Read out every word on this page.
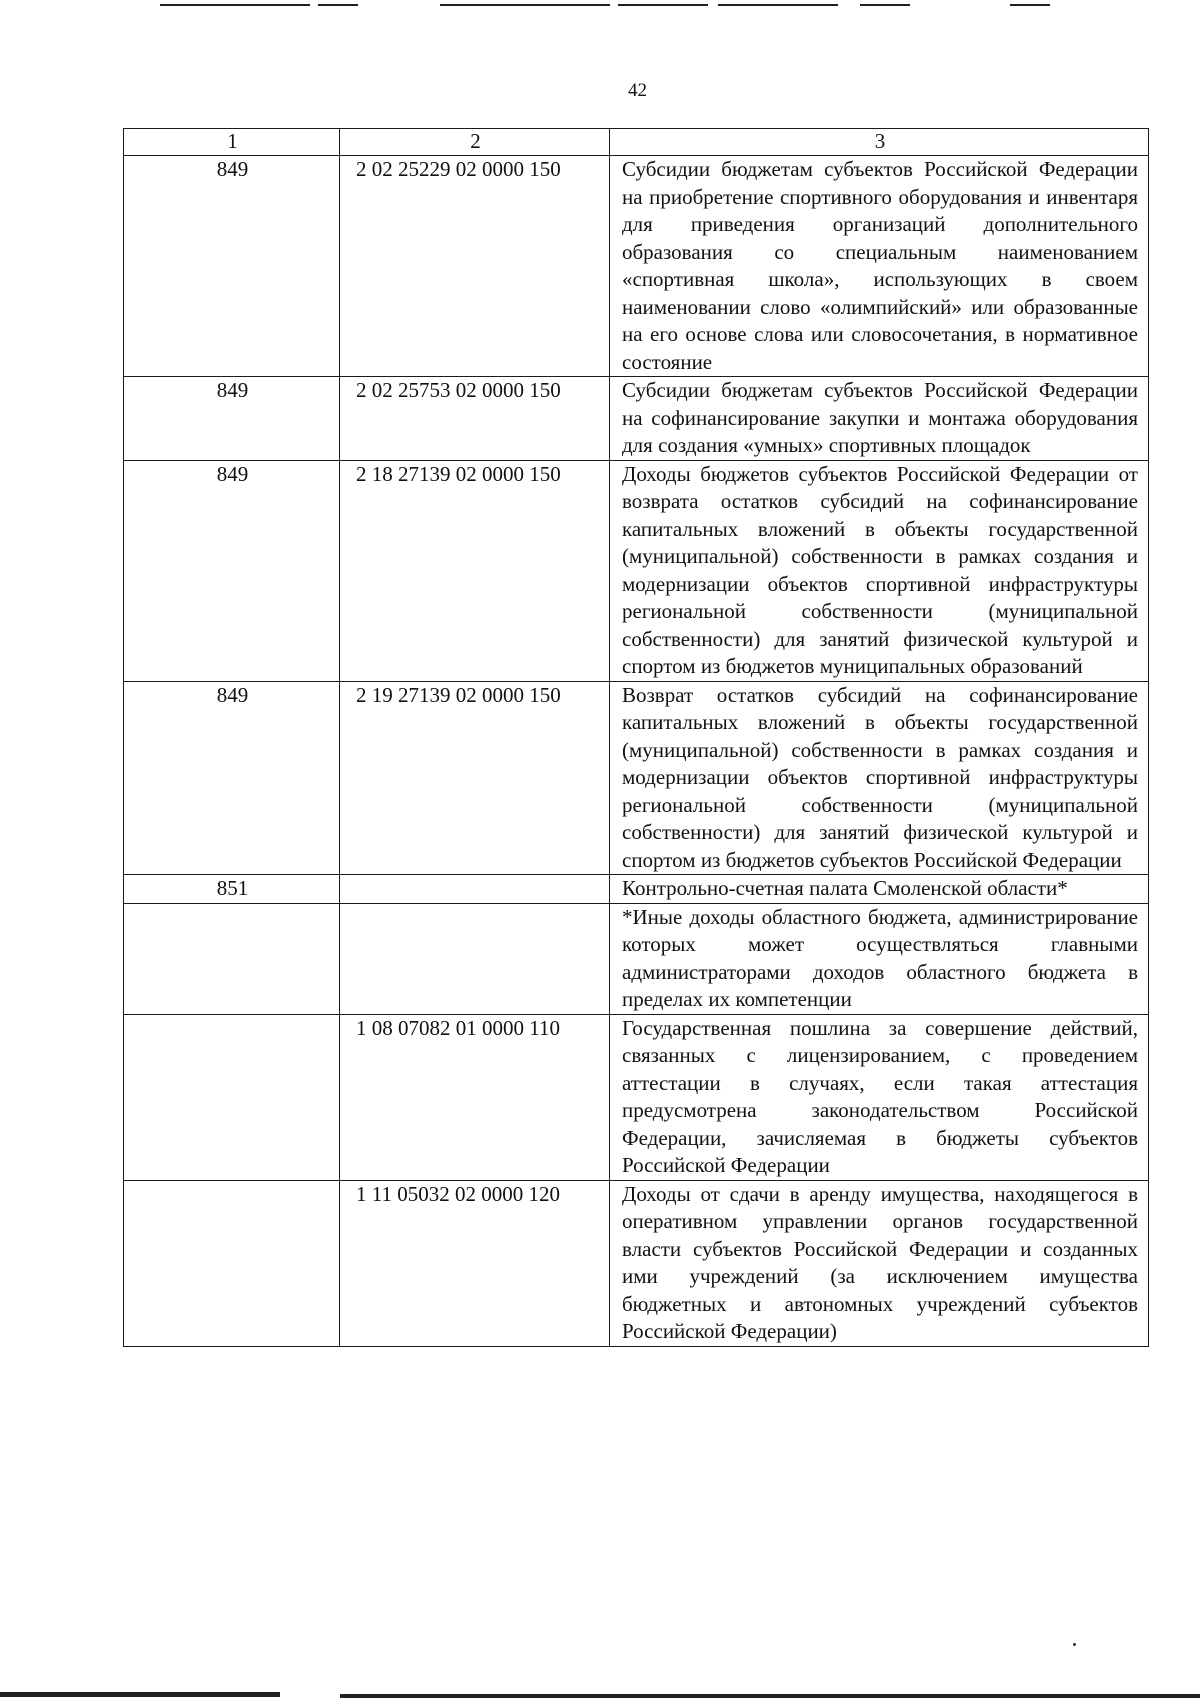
42
1	2	3
849	2 02 25229 02 0000 150	Субсидии бюджетам субъектов Российской Федерации на приобретение спортивного оборудования и инвентаря для приведения организаций дополнительного образования со специальным наименованием «спортивная школа», использующих в своем наименовании слово «олимпийский» или образованные на его основе слова или словосочетания, в нормативное состояние
849	2 02 25753 02 0000 150	Субсидии бюджетам субъектов Российской Федерации на софинансирование закупки и монтажа оборудования для создания «умных» спортивных площадок
849	2 18 27139 02 0000 150	Доходы бюджетов субъектов Российской Федерации от возврата остатков субсидий на софинансирование капитальных вложений в объекты государственной (муниципальной) собственности в рамках создания и модернизации объектов спортивной инфраструктуры региональной собственности (муниципальной собственности) для занятий физической культурой и спортом из бюджетов муниципальных образований
849	2 19 27139 02 0000 150	Возврат остатков субсидий на софинансирование капитальных вложений в объекты государственной (муниципальной) собственности в рамках создания и модернизации объектов спортивной инфраструктуры региональной собственности (муниципальной собственности) для занятий физической культурой и спортом из бюджетов субъектов Российской Федерации
851		Контрольно-счетная палата Смоленской области*
		*Иные доходы областного бюджета, администрирование которых может осуществляться главными администраторами доходов областного бюджета в пределах их компетенции
	1 08 07082 01 0000 110	Государственная пошлина за совершение действий, связанных с лицензированием, с проведением аттестации в случаях, если такая аттестация предусмотрена законодательством Российской Федерации, зачисляемая в бюджеты субъектов Российской Федерации
	1 11 05032 02 0000 120	Доходы от сдачи в аренду имущества, находящегося в оперативном управлении органов государственной власти субъектов Российской Федерации и созданных ими учреждений (за исключением имущества бюджетных и автономных учреждений субъектов Российской Федерации)
